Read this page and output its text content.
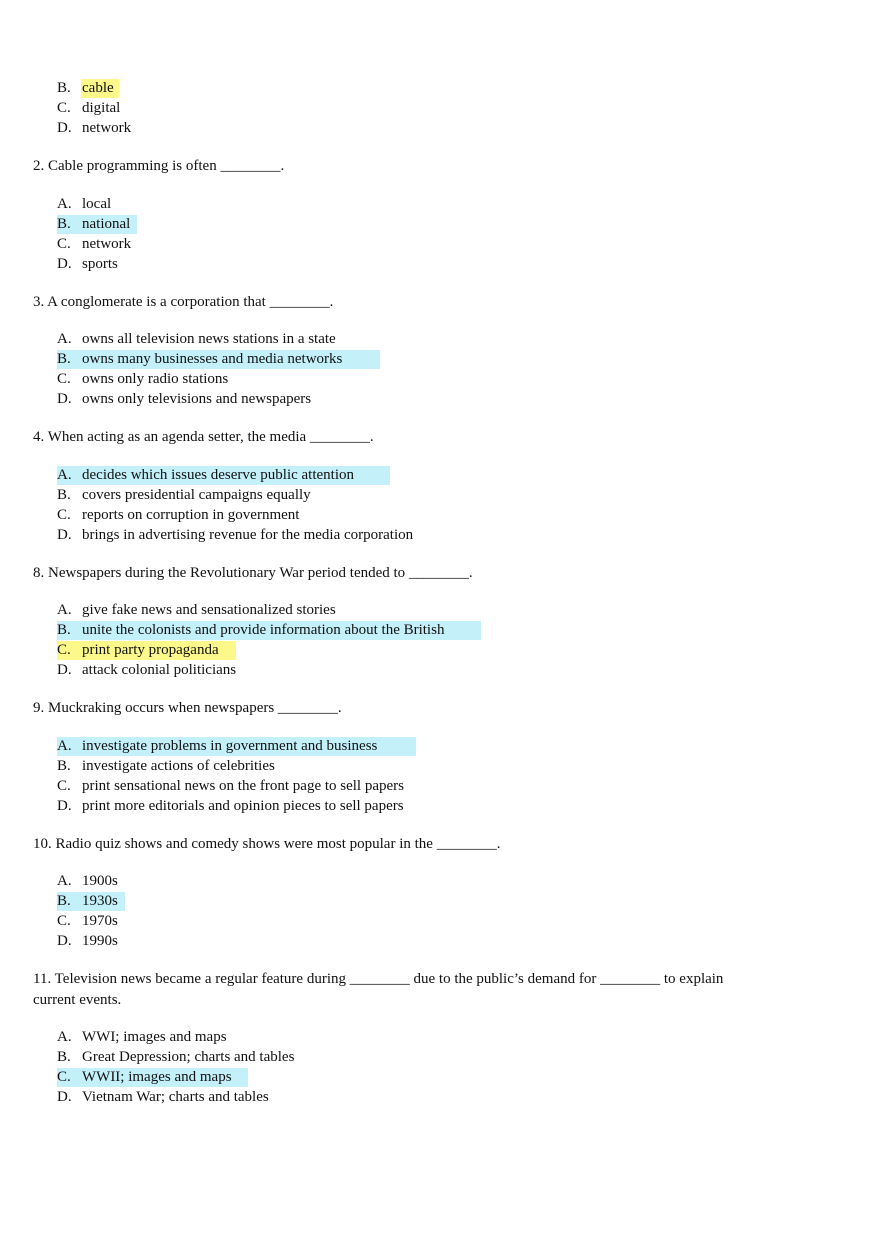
B. cable
C. digital
D. network
2. Cable programming is often ________.
A. local
B. national
C. network
D. sports
3. A conglomerate is a corporation that ________.
A. owns all television news stations in a state
B. owns many businesses and media networks
C. owns only radio stations
D. owns only televisions and newspapers
4. When acting as an agenda setter, the media ________.
A. decides which issues deserve public attention
B. covers presidential campaigns equally
C. reports on corruption in government
D. brings in advertising revenue for the media corporation
8. Newspapers during the Revolutionary War period tended to ________.
A. give fake news and sensationalized stories
B. unite the colonists and provide information about the British
C. print party propaganda
D. attack colonial politicians
9. Muckraking occurs when newspapers ________.
A. investigate problems in government and business
B. investigate actions of celebrities
C. print sensational news on the front page to sell papers
D. print more editorials and opinion pieces to sell papers
10. Radio quiz shows and comedy shows were most popular in the ________.
A. 1900s
B. 1930s
C. 1970s
D. 1990s
11. Television news became a regular feature during ________ due to the public’s demand for ________ to explain current events.
A. WWI; images and maps
B. Great Depression; charts and tables
C. WWII; images and maps
D. Vietnam War; charts and tables
